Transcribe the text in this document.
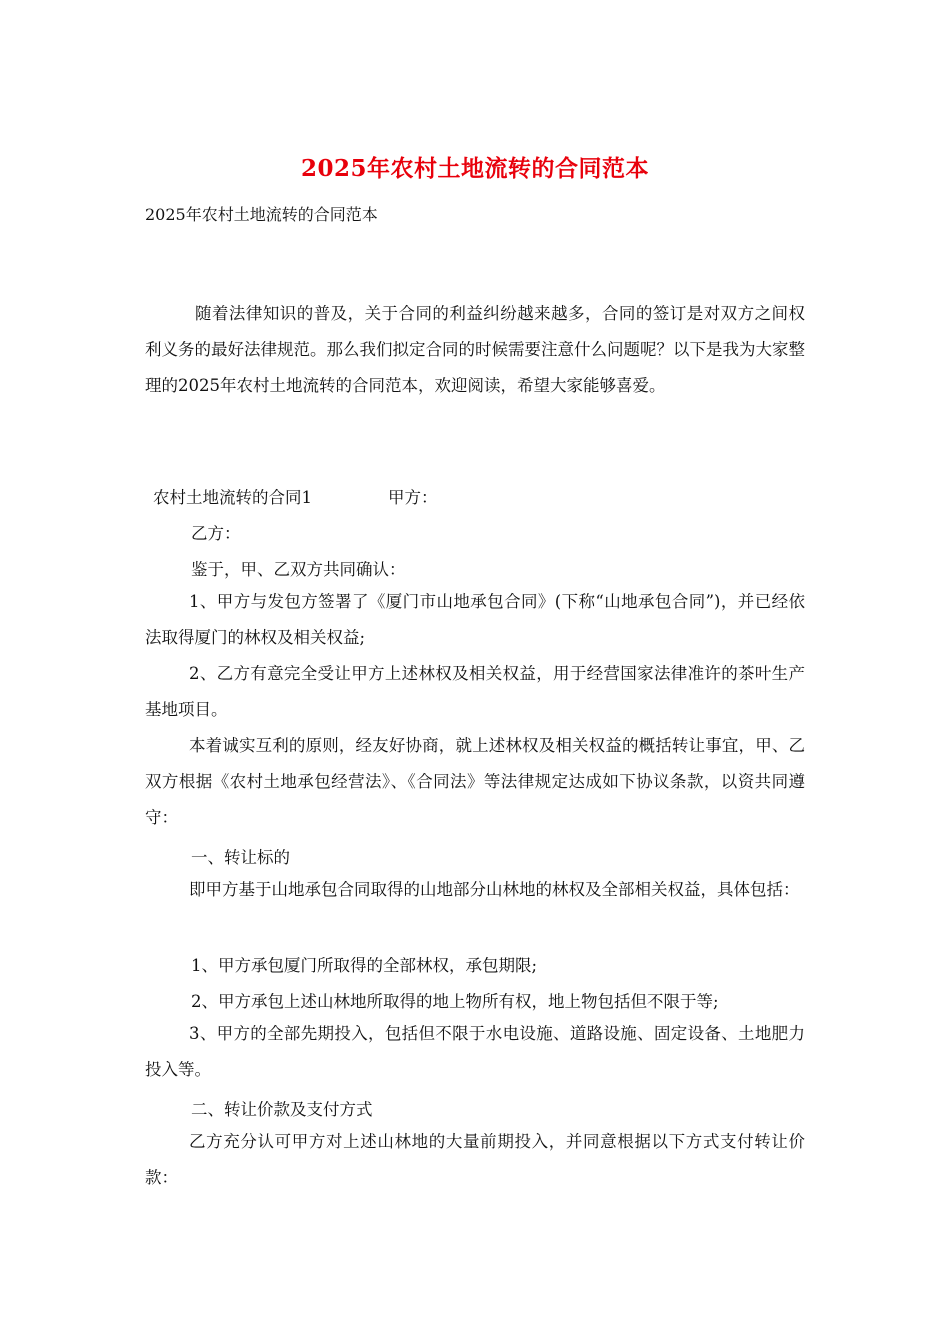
2025年农村土地流转的合同范本
2025年农村土地流转的合同范本
随着法律知识的普及，关于合同的利益纠纷越来越多，合同的签订是对双方之间权利义务的最好法律规范。那么我们拟定合同的时候需要注意什么问题呢？以下是我为大家整理的2025年农村土地流转的合同范本，欢迎阅读，希望大家能够喜爱。
农村土地流转的合同1	甲方：
乙方：
鉴于，甲、乙双方共同确认：
1、甲方与发包方签署了《厦门市山地承包合同》(下称“山地承包合同”)，并已经依法取得厦门的林权及相关权益;
2、乙方有意完全受让甲方上述林权及相关权益，用于经营国家法律准许的茶叶生产基地项目。
本着诚实互利的原则，经友好协商，就上述林权及相关权益的概括转让事宜，甲、乙双方根据《农村土地承包经营法》、《合同法》等法律规定达成如下协议条款，以资共同遵守：
一、转让标的
即甲方基于山地承包合同取得的山地部分山林地的林权及全部相关权益，具体包括：
1、甲方承包厦门所取得的全部林权，承包期限;
2、甲方承包上述山林地所取得的地上物所有权，地上物包括但不限于等;
3、甲方的全部先期投入，包括但不限于水电设施、道路设施、固定设备、土地肥力投入等。
二、转让价款及支付方式
乙方充分认可甲方对上述山林地的大量前期投入，并同意根据以下方式支付转让价款：
